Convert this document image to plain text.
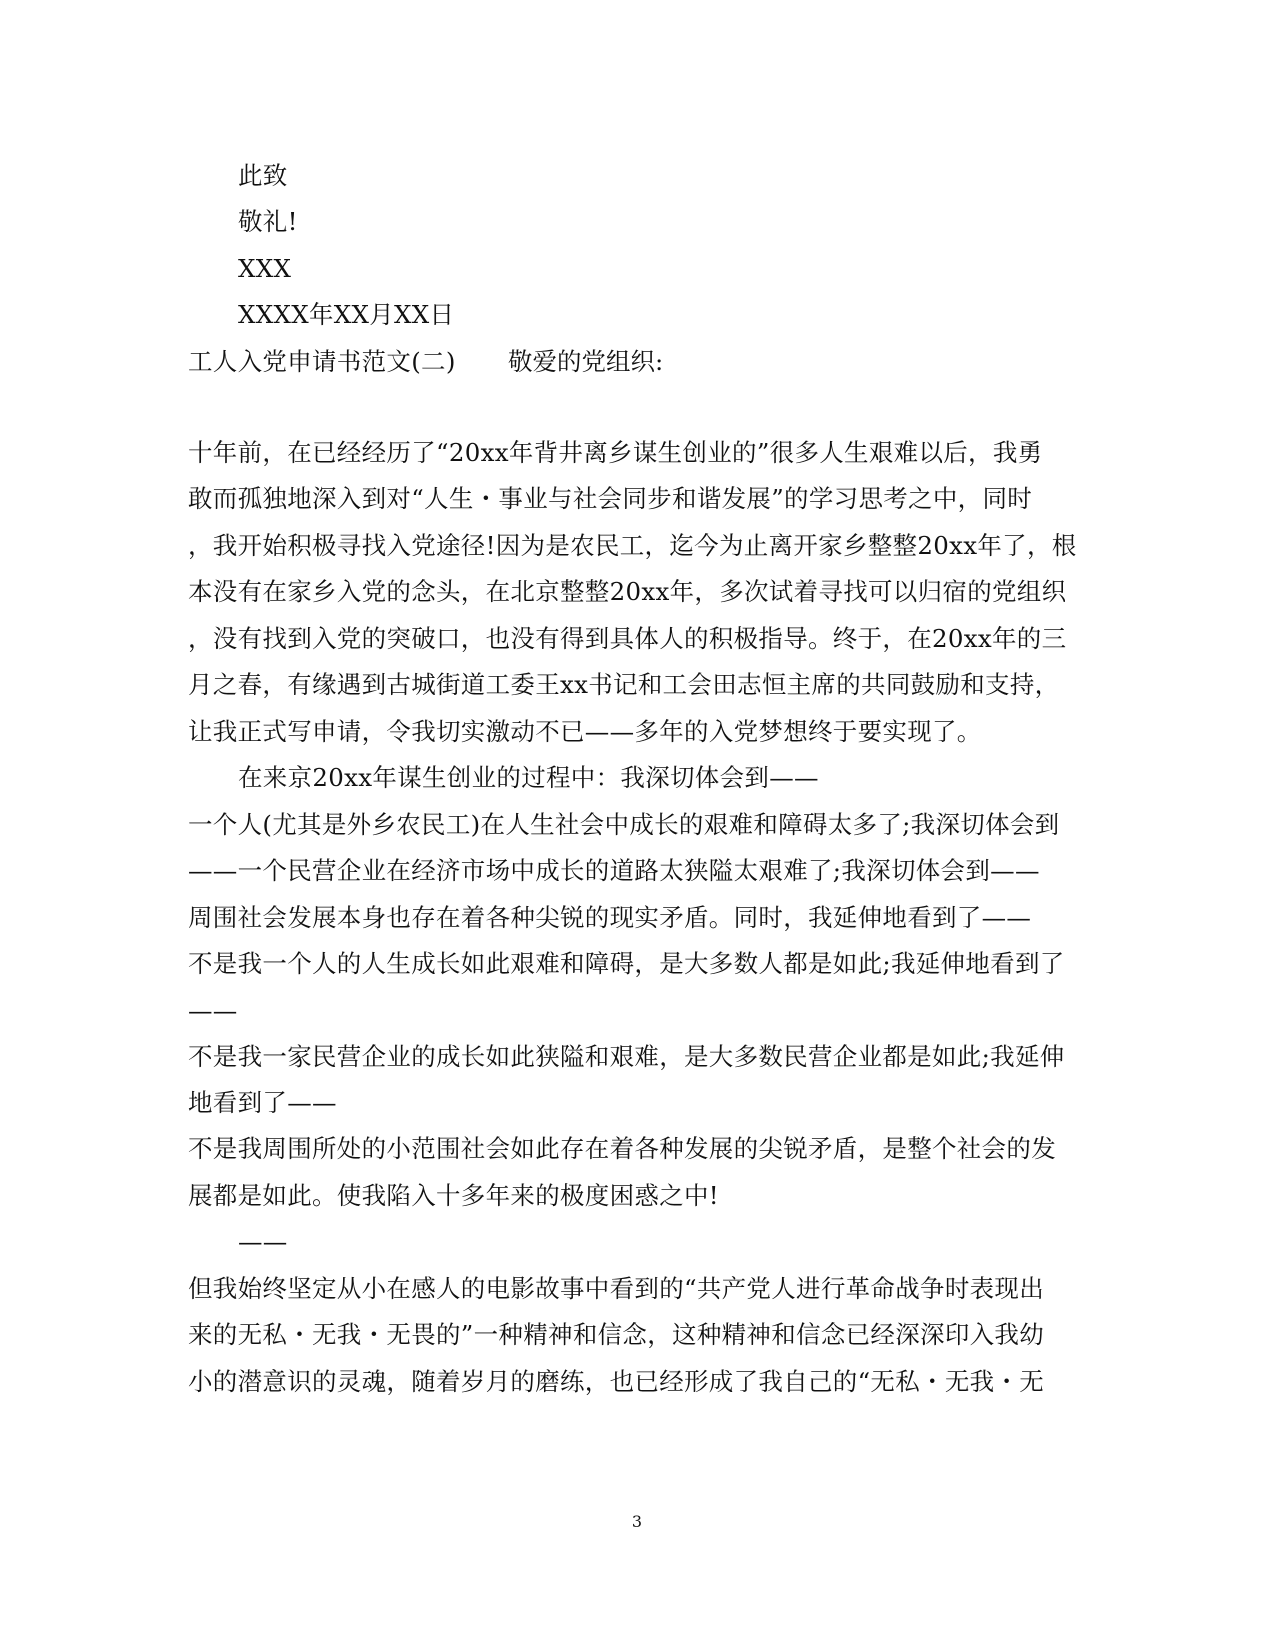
此致
敬礼!
XXX
XXXX年XX月XX日
工人入党申请书范文(二) 敬爱的党组织:
十年前，在已经经历了“20xx年背井离乡谋生创业的”很多人生艰难以后，我勇
敢而孤独地深入到对“人生・事业与社会同步和谐发展”的学习思考之中，同时
，我开始积极寻找入党途径!因为是农民工，迄今为止离开家乡整整20xx年了，根
本没有在家乡入党的念头，在北京整整20xx年，多次试着寻找可以归宿的党组织
，没有找到入党的突破口，也没有得到具体人的积极指导。终于，在20xx年的三
月之春，有缘遇到古城街道工委王xx书记和工会田志恒主席的共同鼓励和支持，
让我正式写申请，令我切实激动不已——多年的入党梦想终于要实现了。
在来京20xx年谋生创业的过程中：我深切体会到——
一个人(尤其是外乡农民工)在人生社会中成长的艰难和障碍太多了;我深切体会到
——一个民营企业在经济市场中成长的道路太狭隘太艰难了;我深切体会到——
周围社会发展本身也存在着各种尖锐的现实矛盾。同时，我延伸地看到了——
不是我一个人的人生成长如此艰难和障碍，是大多数人都是如此;我延伸地看到了
——
不是我一家民营企业的成长如此狭隘和艰难，是大多数民营企业都是如此;我延伸
地看到了——
不是我周围所处的小范围社会如此存在着各种发展的尖锐矛盾，是整个社会的发
展都是如此。使我陷入十多年来的极度困惑之中!
——
但我始终坚定从小在感人的电影故事中看到的“共产党人进行革命战争时表现出
来的无私・无我・无畏的”一种精神和信念，这种精神和信念已经深深印入我幼
小的潜意识的灵魂，随着岁月的磨练，也已经形成了我自己的“无私・无我・无
3
